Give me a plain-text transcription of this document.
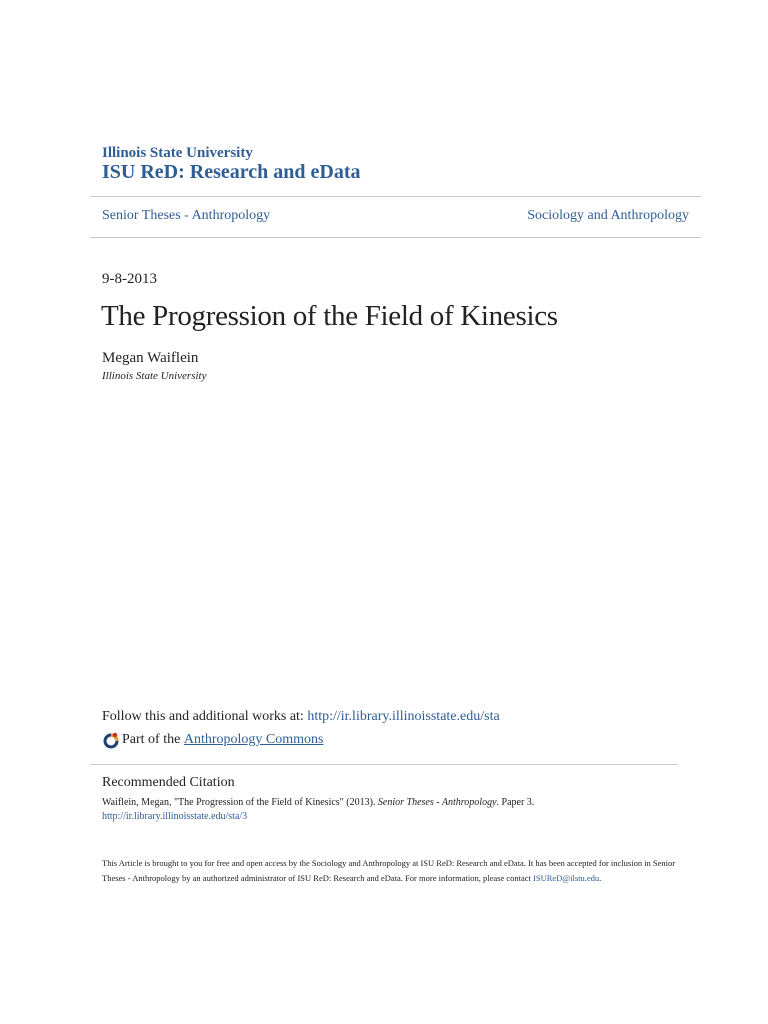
Illinois State University
ISU ReD: Research and eData
Senior Theses - Anthropology	Sociology and Anthropology
9-8-2013
The Progression of the Field of Kinesics
Megan Waiflein
Illinois State University
Follow this and additional works at: http://ir.library.illinoisstate.edu/sta
Part of the
Anthropology Commons
Recommended Citation
Waiflein, Megan, "The Progression of the Field of Kinesics" (2013). Senior Theses - Anthropology. Paper 3.
http://ir.library.illinoisstate.edu/sta/3
This Article is brought to you for free and open access by the Sociology and Anthropology at ISU ReD: Research and eData. It has been accepted for inclusion in Senior Theses - Anthropology by an authorized administrator of ISU ReD: Research and eData. For more information, please contact ISUReD@ilstu.edu.
